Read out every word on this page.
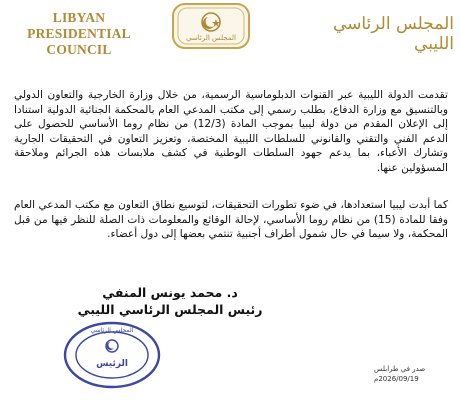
LIBYAN PRESIDENTIAL COUNCIL
المجلس الرئاسي
المجلس الرئاسي الليبي
تقدمت الدولة الليبية عبر القنوات الدبلوماسية الرسمية، من خلال وزارة الخارجية والتعاون الدولي وبالتنسيق مع وزارة الدفاع، بطلب رسمي إلى مكتب المدعي العام بالمحكمة الجنائية الدولية استنادا إلى الإعلان المقدم من دولة ليبيا بموجب المادة (12/3) من نظام روما الأساسي للحصول على الدعم الفني والتقني والقانوني للسلطات الليبية المختصة، وتعزيز التعاون في التحقيقات الجارية وتشارك الأعباء، بما يدعم جهود السلطات الوطنية في كشف ملابسات هذه الجرائم وملاحقة المسؤولين عنها.
كما أبدت ليبيا استعدادها، في ضوء تطورات التحقيقات، لتوسيع نطاق التعاون مع مكتب المدعي العام وفقا للمادة (15) من نظام روما الأساسي، لإحالة الوقائع والمعلومات ذات الصلة للنظر فيها من قبل المحكمة، ولا سيما في حال شمول أطراف أجنبية تنتمي بعضها إلى دول أعضاء.
د. محمد يونس المنفي
رئيس المجلس الرئاسي الليبي
الرئيس
المجلس الرئاسي
صدر في طرابلس
2026/09/19م
